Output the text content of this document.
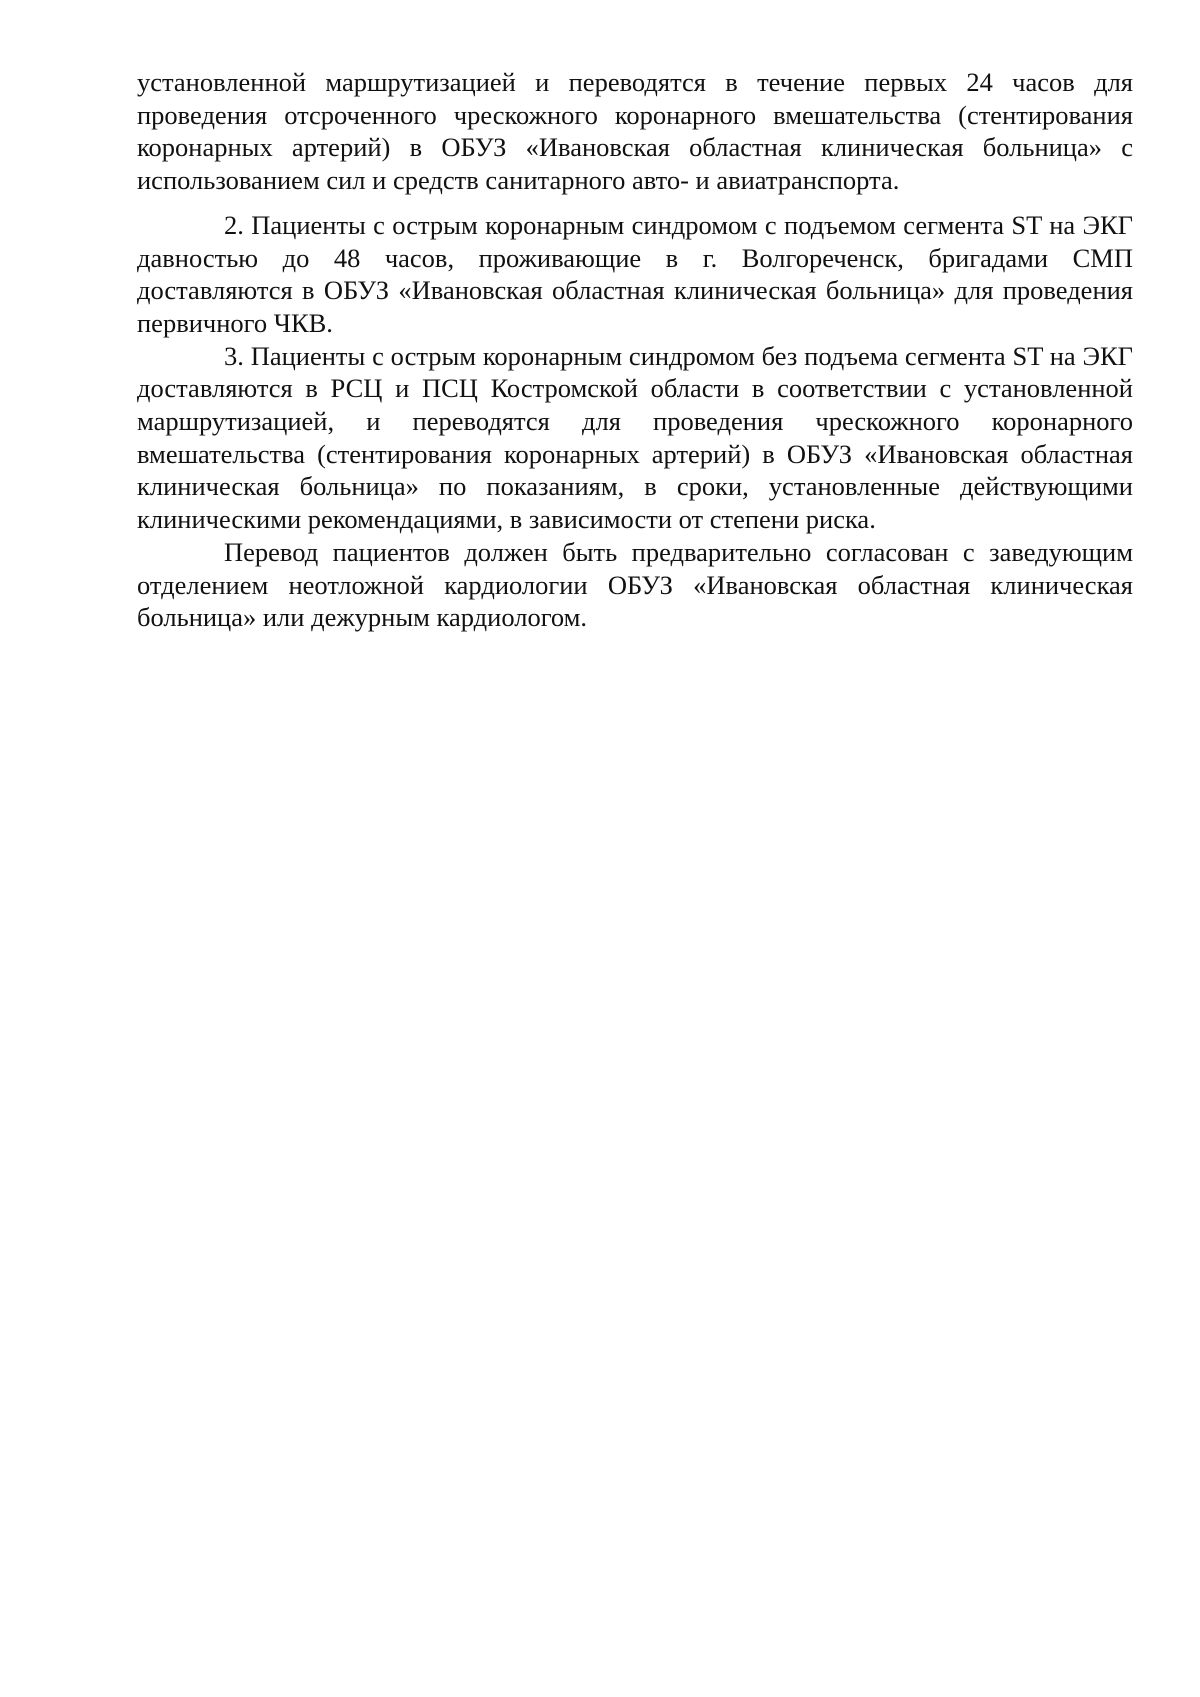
установленной маршрутизацией и переводятся в течение первых 24 часов для проведения отсроченного чрескожного коронарного вмешательства (стентирования коронарных артерий) в ОБУЗ «Ивановская областная клиническая больница» с использованием сил и средств санитарного авто- и авиатранспорта.

2. Пациенты с острым коронарным синдромом с подъемом сегмента ST на ЭКГ давностью до 48 часов, проживающие в г. Волгореченск, бригадами СМП доставляются в ОБУЗ «Ивановская областная клиническая больница» для проведения первичного ЧКВ.

3. Пациенты с острым коронарным синдромом без подъема сегмента ST на ЭКГ доставляются в РСЦ и ПСЦ Костромской области в соответствии с установленной маршрутизацией, и переводятся для проведения чрескожного коронарного вмешательства (стентирования коронарных артерий) в ОБУЗ «Ивановская областная клиническая больница» по показаниям, в сроки, установленные действующими клиническими рекомендациями, в зависимости от степени риска.

Перевод пациентов должен быть предварительно согласован с заведующим отделением неотложной кардиологии ОБУЗ «Ивановская областная клиническая больница» или дежурным кардиологом.
